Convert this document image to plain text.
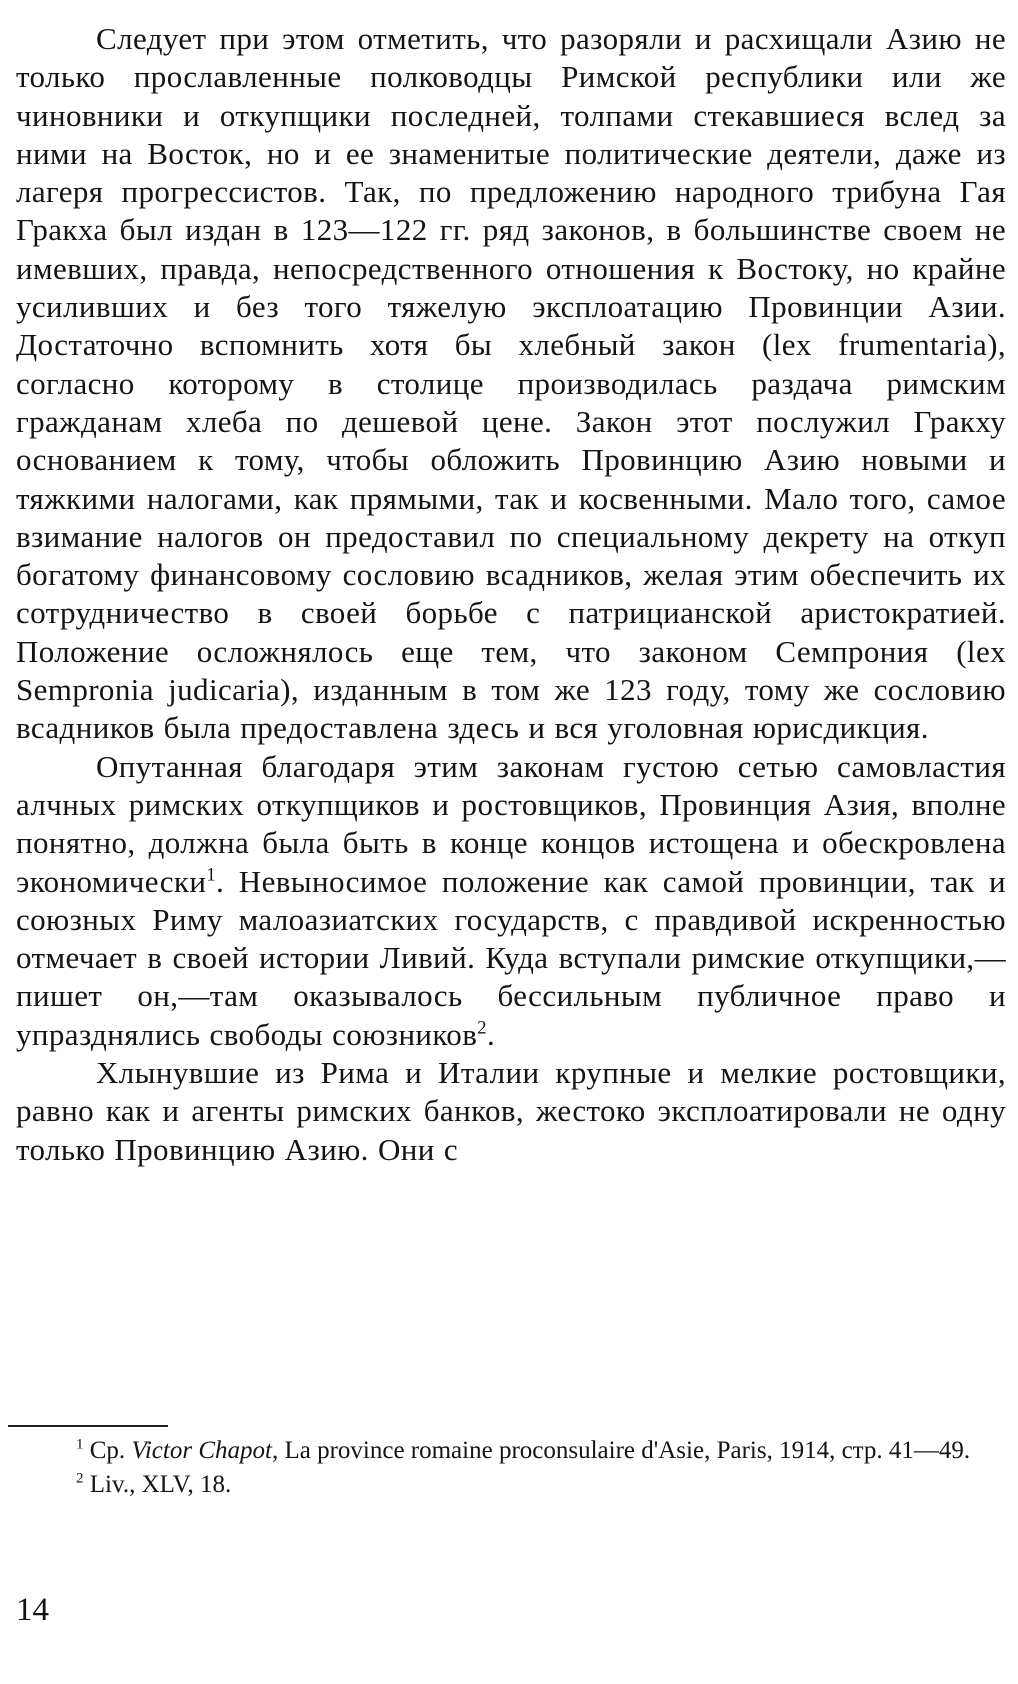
Следует при этом отметить, что разоряли и расхищали Азию не только прославленные полководцы Римской республики или же чиновники и откупщики последней, толпами стекавшиеся вслед за ними на Восток, но и ее знаменитые политические деятели, даже из лагеря прогрессистов. Так, по предложению народного трибуна Гая Гракха был издан в 123—122 гг. ряд законов, в большинстве своем не имевших, правда, непосредственного отношения к Востоку, но крайне усиливших и без того тяжелую эксплоатацию Провинции Азии. Достаточно вспомнить хотя бы хлебный закон (lex frumentaria), согласно которому в столице производилась раздача римским гражданам хлеба по дешевой цене. Закон этот послужил Гракху основанием к тому, чтобы обложить Провинцию Азию новыми и тяжкими налогами, как прямыми, так и косвенными. Мало того, самое взимание налогов он предоставил по специальному декрету на откуп богатому финансовому сословию всадников, желая этим обеспечить их сотрудничество в своей борьбе с патрицианской аристократией. Положение осложнялось еще тем, что законом Семпрония (lex Sempronia judicaria), изданным в том же 123 году, тому же сословию всадников была предоставлена здесь и вся уголовная юрисдикция.

Опутанная благодаря этим законам густою сетью самовластия алчных римских откупщиков и ростовщиков, Провинция Азия, вполне понятно, должна была быть в конце концов истощена и обескровлена экономически$^1$. Невыносимое положение как самой провинции, так и союзных Риму малоазиатских государств, с правдивой искренностью отмечает в своей истории Ливий. Куда вступали римские откупщики,—пишет он,—там оказывалось бессильным публичное право и упразднялись свободы союзников$^2$.

Хлынувшие из Рима и Италии крупные и мелкие ростовщики, равно как и агенты римских банков, жестоко эксплоатировали не одну только Провинцию Азию. Они с

$^1$ Ср. Victor Chapot, La province romaine proconsulaire d'Asie, Paris, 1914, стр. 41—49.

$^2$ Liv., XLV, 18.

14
